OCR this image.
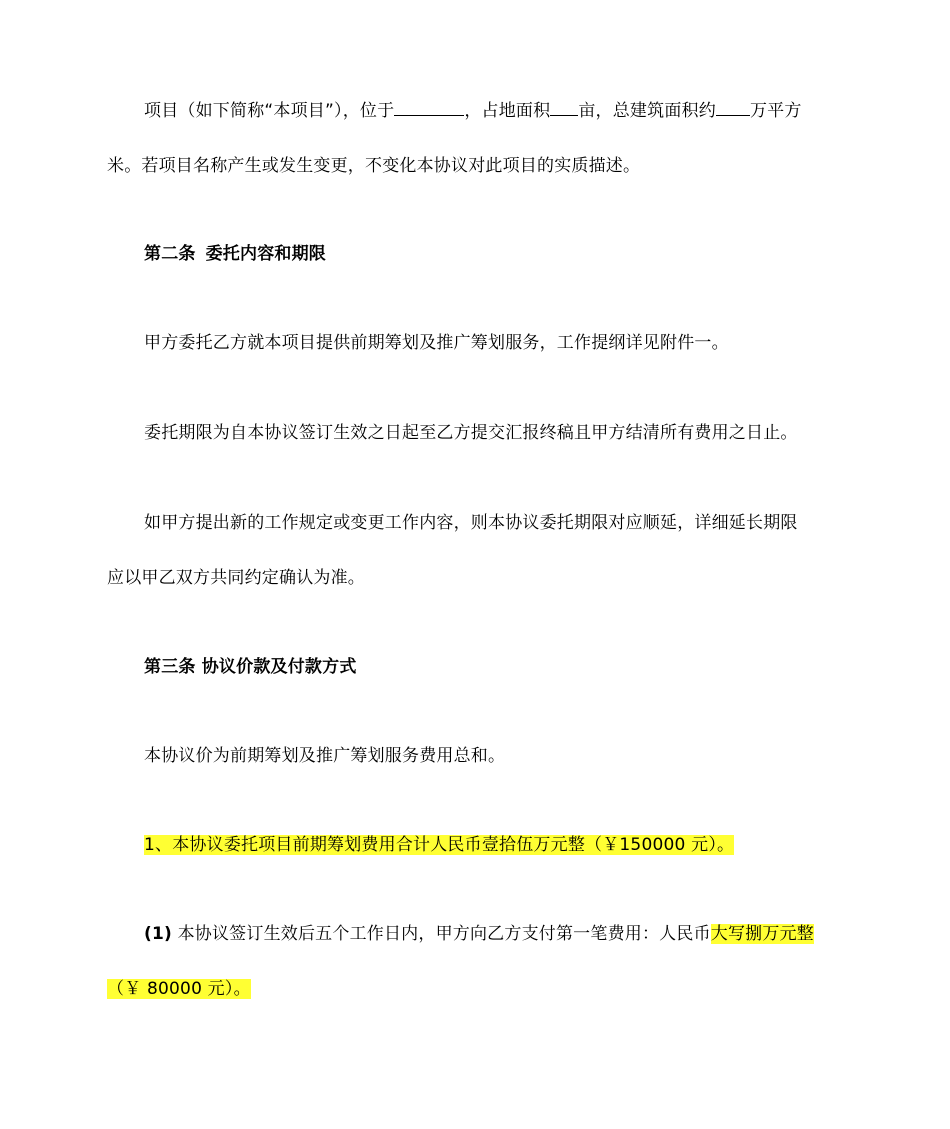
项目（如下简称“本项目”），位于	，占地面积 亩，总建筑面积约 万平方
米。若项目名称产生或发生变更，不变化本协议对此项目的实质描述。
第二条 委托内容和期限
甲方委托乙方就本项目提供前期筹划及推广筹划服务，工作提纲详见附件一。
委托期限为自本协议签订生效之日起至乙方提交汇报终稿且甲方结清所有费用之日止。
如甲方提出新的工作规定或变更工作内容，则本协议委托期限对应顺延，详细延长期限
应以甲乙双方共同约定确认为准。
第三条 协议价款及付款方式
本协议价为前期筹划及推广筹划服务费用总和。
1、本协议委托项目前期筹划费用合计人民币壹拾伍万元整（￥150000 元）。
(1) 本协议签订生效后五个工作日内，甲方向乙方支付第一笔费用：人民币大写捌万元整
（￥ 80000 元）。
